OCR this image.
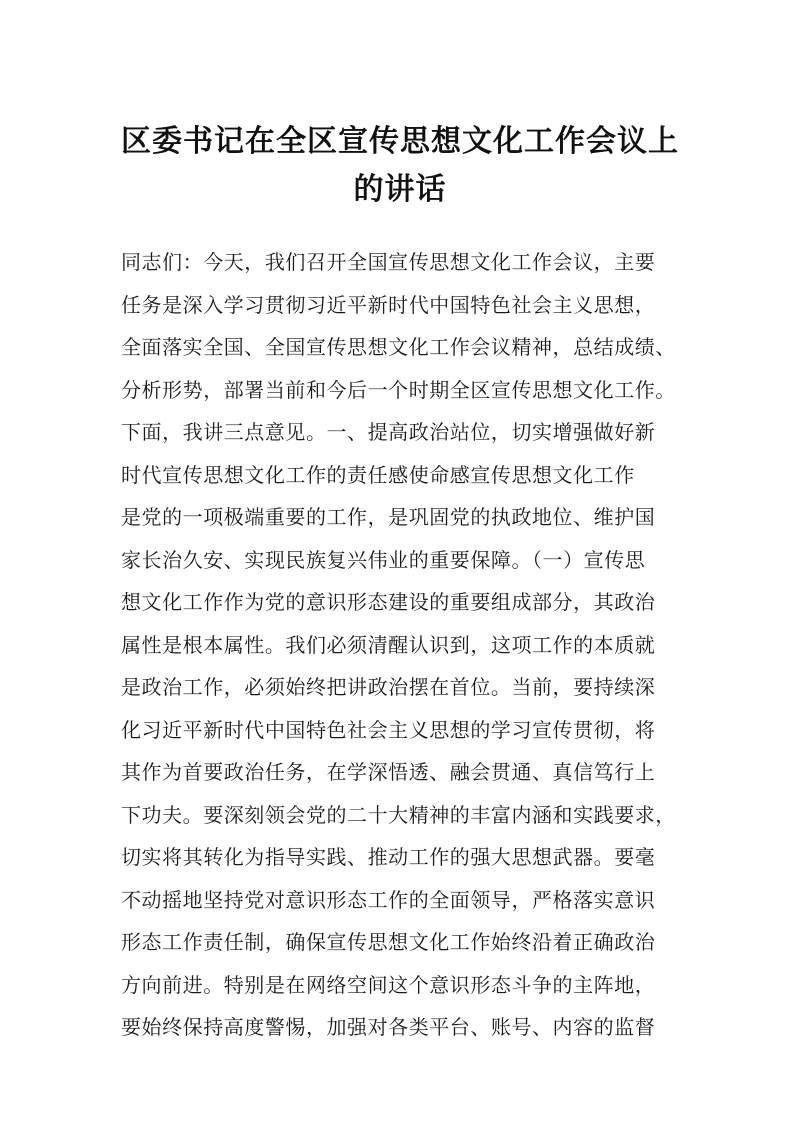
区委书记在全区宣传思想文化工作会议上
的讲话
同志们：今天，我们召开全国宣传思想文化工作会议，主要
任务是深入学习贯彻习近平新时代中国特色社会主义思想，
全面落实全国、全国宣传思想文化工作会议精神，总结成绩、
分析形势，部署当前和今后一个时期全区宣传思想文化工作。
下面，我讲三点意见。一、提高政治站位，切实增强做好新
时代宣传思想文化工作的责任感使命感宣传思想文化工作
是党的一项极端重要的工作，是巩固党的执政地位、维护国
家长治久安、实现民族复兴伟业的重要保障。（一）宣传思
想文化工作作为党的意识形态建设的重要组成部分，其政治
属性是根本属性。我们必须清醒认识到，这项工作的本质就
是政治工作，必须始终把讲政治摆在首位。当前，要持续深
化习近平新时代中国特色社会主义思想的学习宣传贯彻，将
其作为首要政治任务，在学深悟透、融会贯通、真信笃行上
下功夫。要深刻领会党的二十大精神的丰富内涵和实践要求，
切实将其转化为指导实践、推动工作的强大思想武器。要毫
不动摇地坚持党对意识形态工作的全面领导，严格落实意识
形态工作责任制，确保宣传思想文化工作始终沿着正确政治
方向前进。特别是在网络空间这个意识形态斗争的主阵地，
要始终保持高度警惕，加强对各类平台、账号、内容的监督
